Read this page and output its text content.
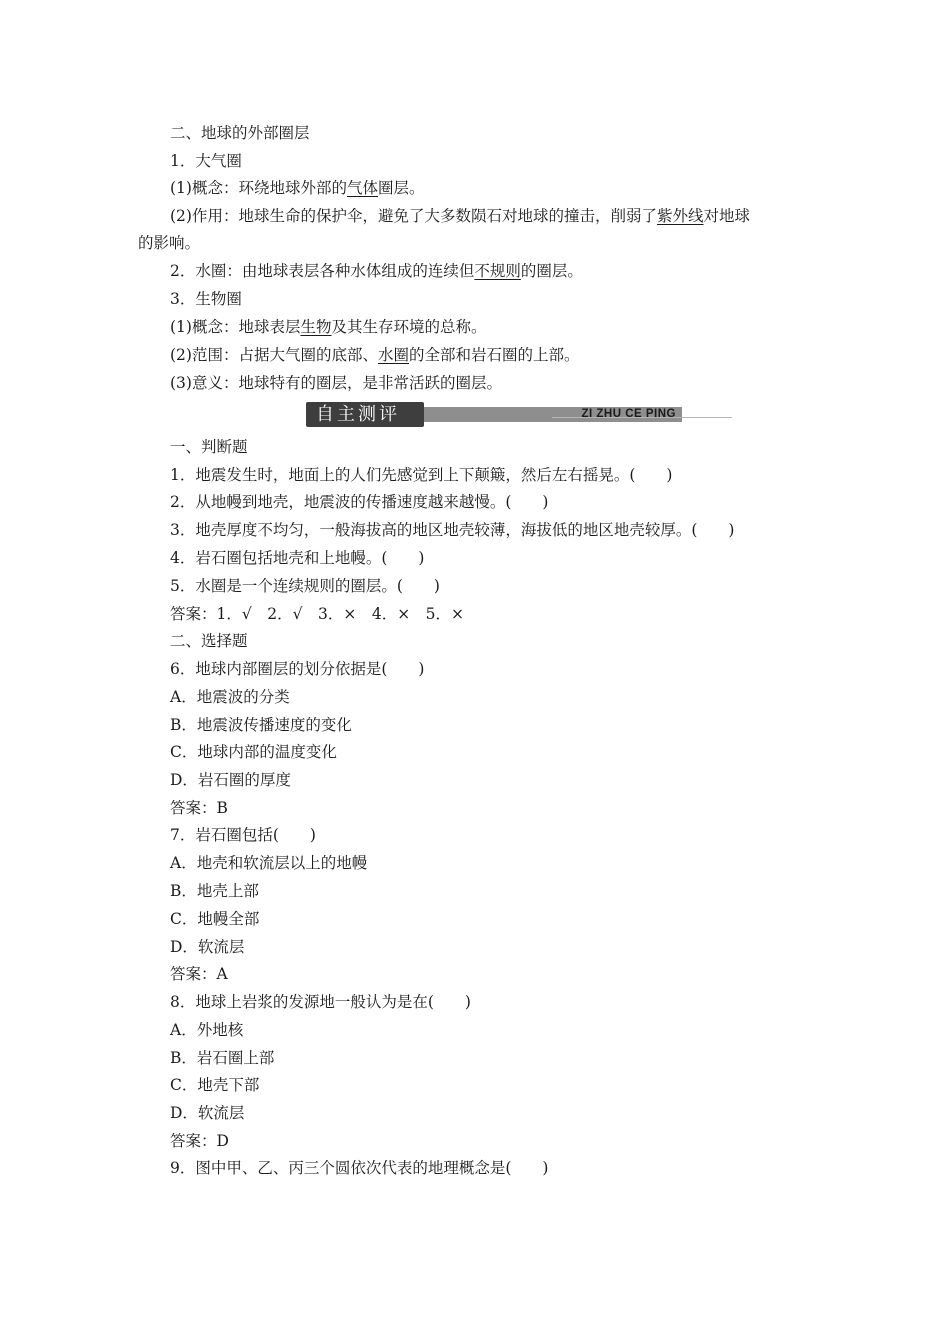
二、地球的外部圈层
1．大气圈
(1)概念：环绕地球外部的气体圈层。
(2)作用：地球生命的保护伞，避免了大多数陨石对地球的撞击，削弱了紫外线对地球
的影响。
2．水圈：由地球表层各种水体组成的连续但不规则的圈层。
3．生物圈
(1)概念：地球表层生物及其生存环境的总称。
(2)范围：占据大气圈的底部、水圈的全部和岩石圈的上部。
(3)意义：地球特有的圈层，是非常活跃的圈层。
自主测评	ZI ZHU CE PING
一、判断题
1．地震发生时，地面上的人们先感觉到上下颠簸，然后左右摇晃。(　　)
2．从地幔到地壳，地震波的传播速度越来越慢。(　　)
3．地壳厚度不均匀，一般海拔高的地区地壳较薄，海拔低的地区地壳较厚。(　　)
4．岩石圈包括地壳和上地幔。(　　)
5．水圈是一个连续规则的圈层。(　　)
答案：1．√　2．√　3．×　4．×　5．×
二、选择题
6．地球内部圈层的划分依据是(　　)
A．地震波的分类
B．地震波传播速度的变化
C．地球内部的温度变化
D．岩石圈的厚度
答案：B
7．岩石圈包括(　　)
A．地壳和软流层以上的地幔
B．地壳上部
C．地幔全部
D．软流层
答案：A
8．地球上岩浆的发源地一般认为是在(　　)
A．外地核
B．岩石圈上部
C．地壳下部
D．软流层
答案：D
9．图中甲、乙、丙三个圆依次代表的地理概念是(　　)
